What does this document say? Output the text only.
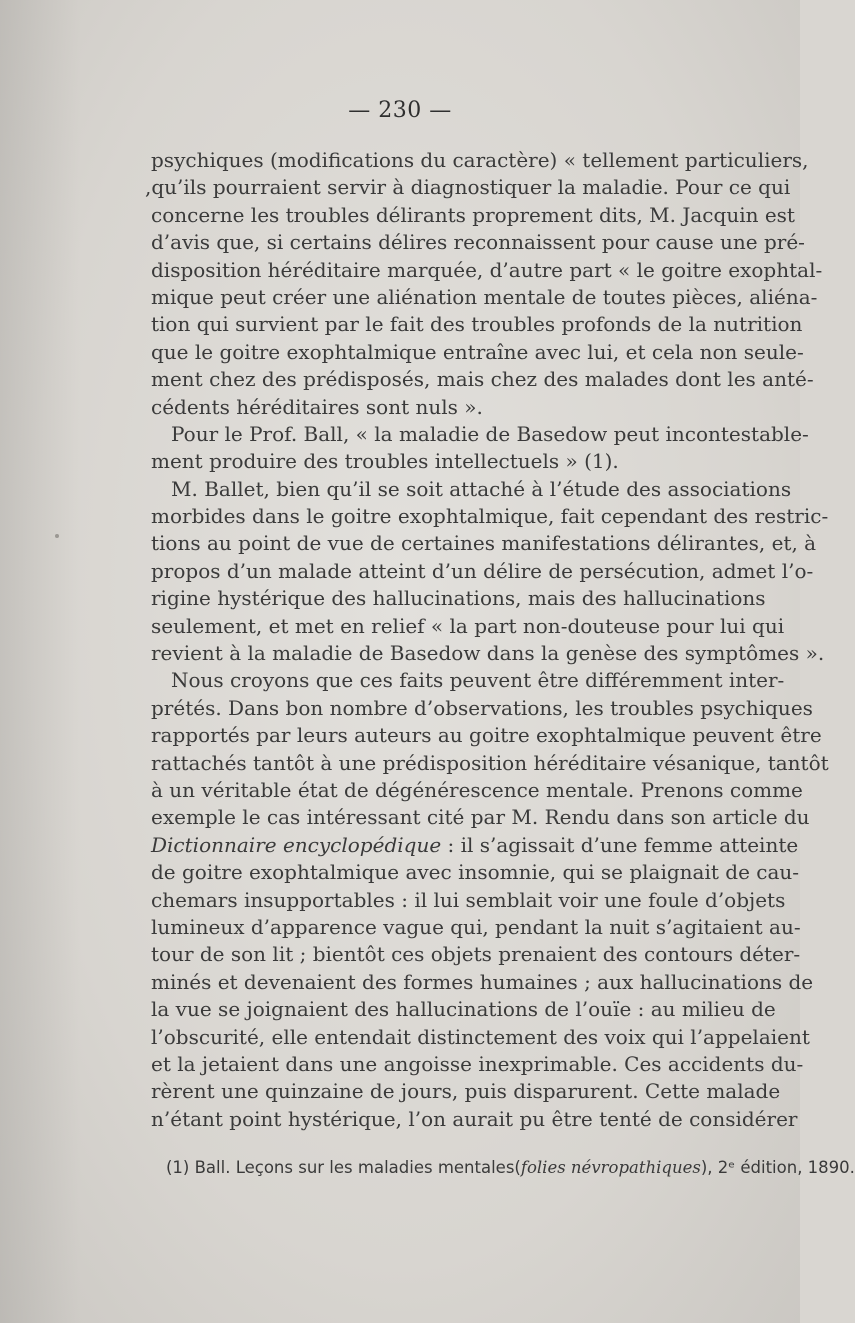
— 230 —
psychiques (modifications du caractère) « tellement particuliers,
,qu’ils pourraient servir à diagnostiquer la maladie. Pour ce qui
concerne les troubles délirants proprement dits, M. Jacquin est
d’avis que, si certains délires reconnaissent pour cause une pré-
disposition héréditaire marquée, d’autre part « le goitre exophtal-
mique peut créer une aliénation mentale de toutes pièces, aliéna-
tion qui survient par le fait des troubles profonds de la nutrition
que le goitre exophtalmique entraîne avec lui, et cela non seule-
ment chez des prédisposés, mais chez des malades dont les anté-
cédents héréditaires sont nuls ».
Pour le Prof. Ball, « la maladie de Basedow peut incontestable-
ment produire des troubles intellectuels » (1).
M. Ballet, bien qu’il se soit attaché à l’étude des associations
morbides dans le goitre exophtalmique, fait cependant des restric-
tions au point de vue de certaines manifestations délirantes, et, à
propos d’un malade atteint d’un délire de persécution, admet l’o-
rigine hystérique des hallucinations, mais des hallucinations
seulement, et met en relief « la part non-douteuse pour lui qui
revient à la maladie de Basedow dans la genèse des symptômes ».
Nous croyons que ces faits peuvent être différemment inter-
prétés. Dans bon nombre d’observations, les troubles psychiques
rapportés par leurs auteurs au goitre exophtalmique peuvent être
rattachés tantôt à une prédisposition héréditaire vésanique, tantôt
à un véritable état de dégénérescence mentale. Prenons comme
exemple le cas intéressant cité par M. Rendu dans son article du
Dictionnaire encyclopédique : il s’agissait d’une femme atteinte
de goitre exophtalmique avec insomnie, qui se plaignait de cau-
chemars insupportables : il lui semblait voir une foule d’objets
lumineux d’apparence vague qui, pendant la nuit s’agitaient au-
tour de son lit ; bientôt ces objets prenaient des contours déter-
minés et devenaient des formes humaines ; aux hallucinations de
la vue se joignaient des hallucinations de l’ouïe : au milieu de
l’obscurité, elle entendait distinctement des voix qui l’appelaient
et la jetaient dans une angoisse inexprimable. Ces accidents du-
rèrent une quinzaine de jours, puis disparurent. Cette malade
n’étant point hystérique, l’on aurait pu être tenté de considérer
(1) Ball. Leçons sur les maladies mentales(folies névropathiques), 2ᵉ édition, 1890.
